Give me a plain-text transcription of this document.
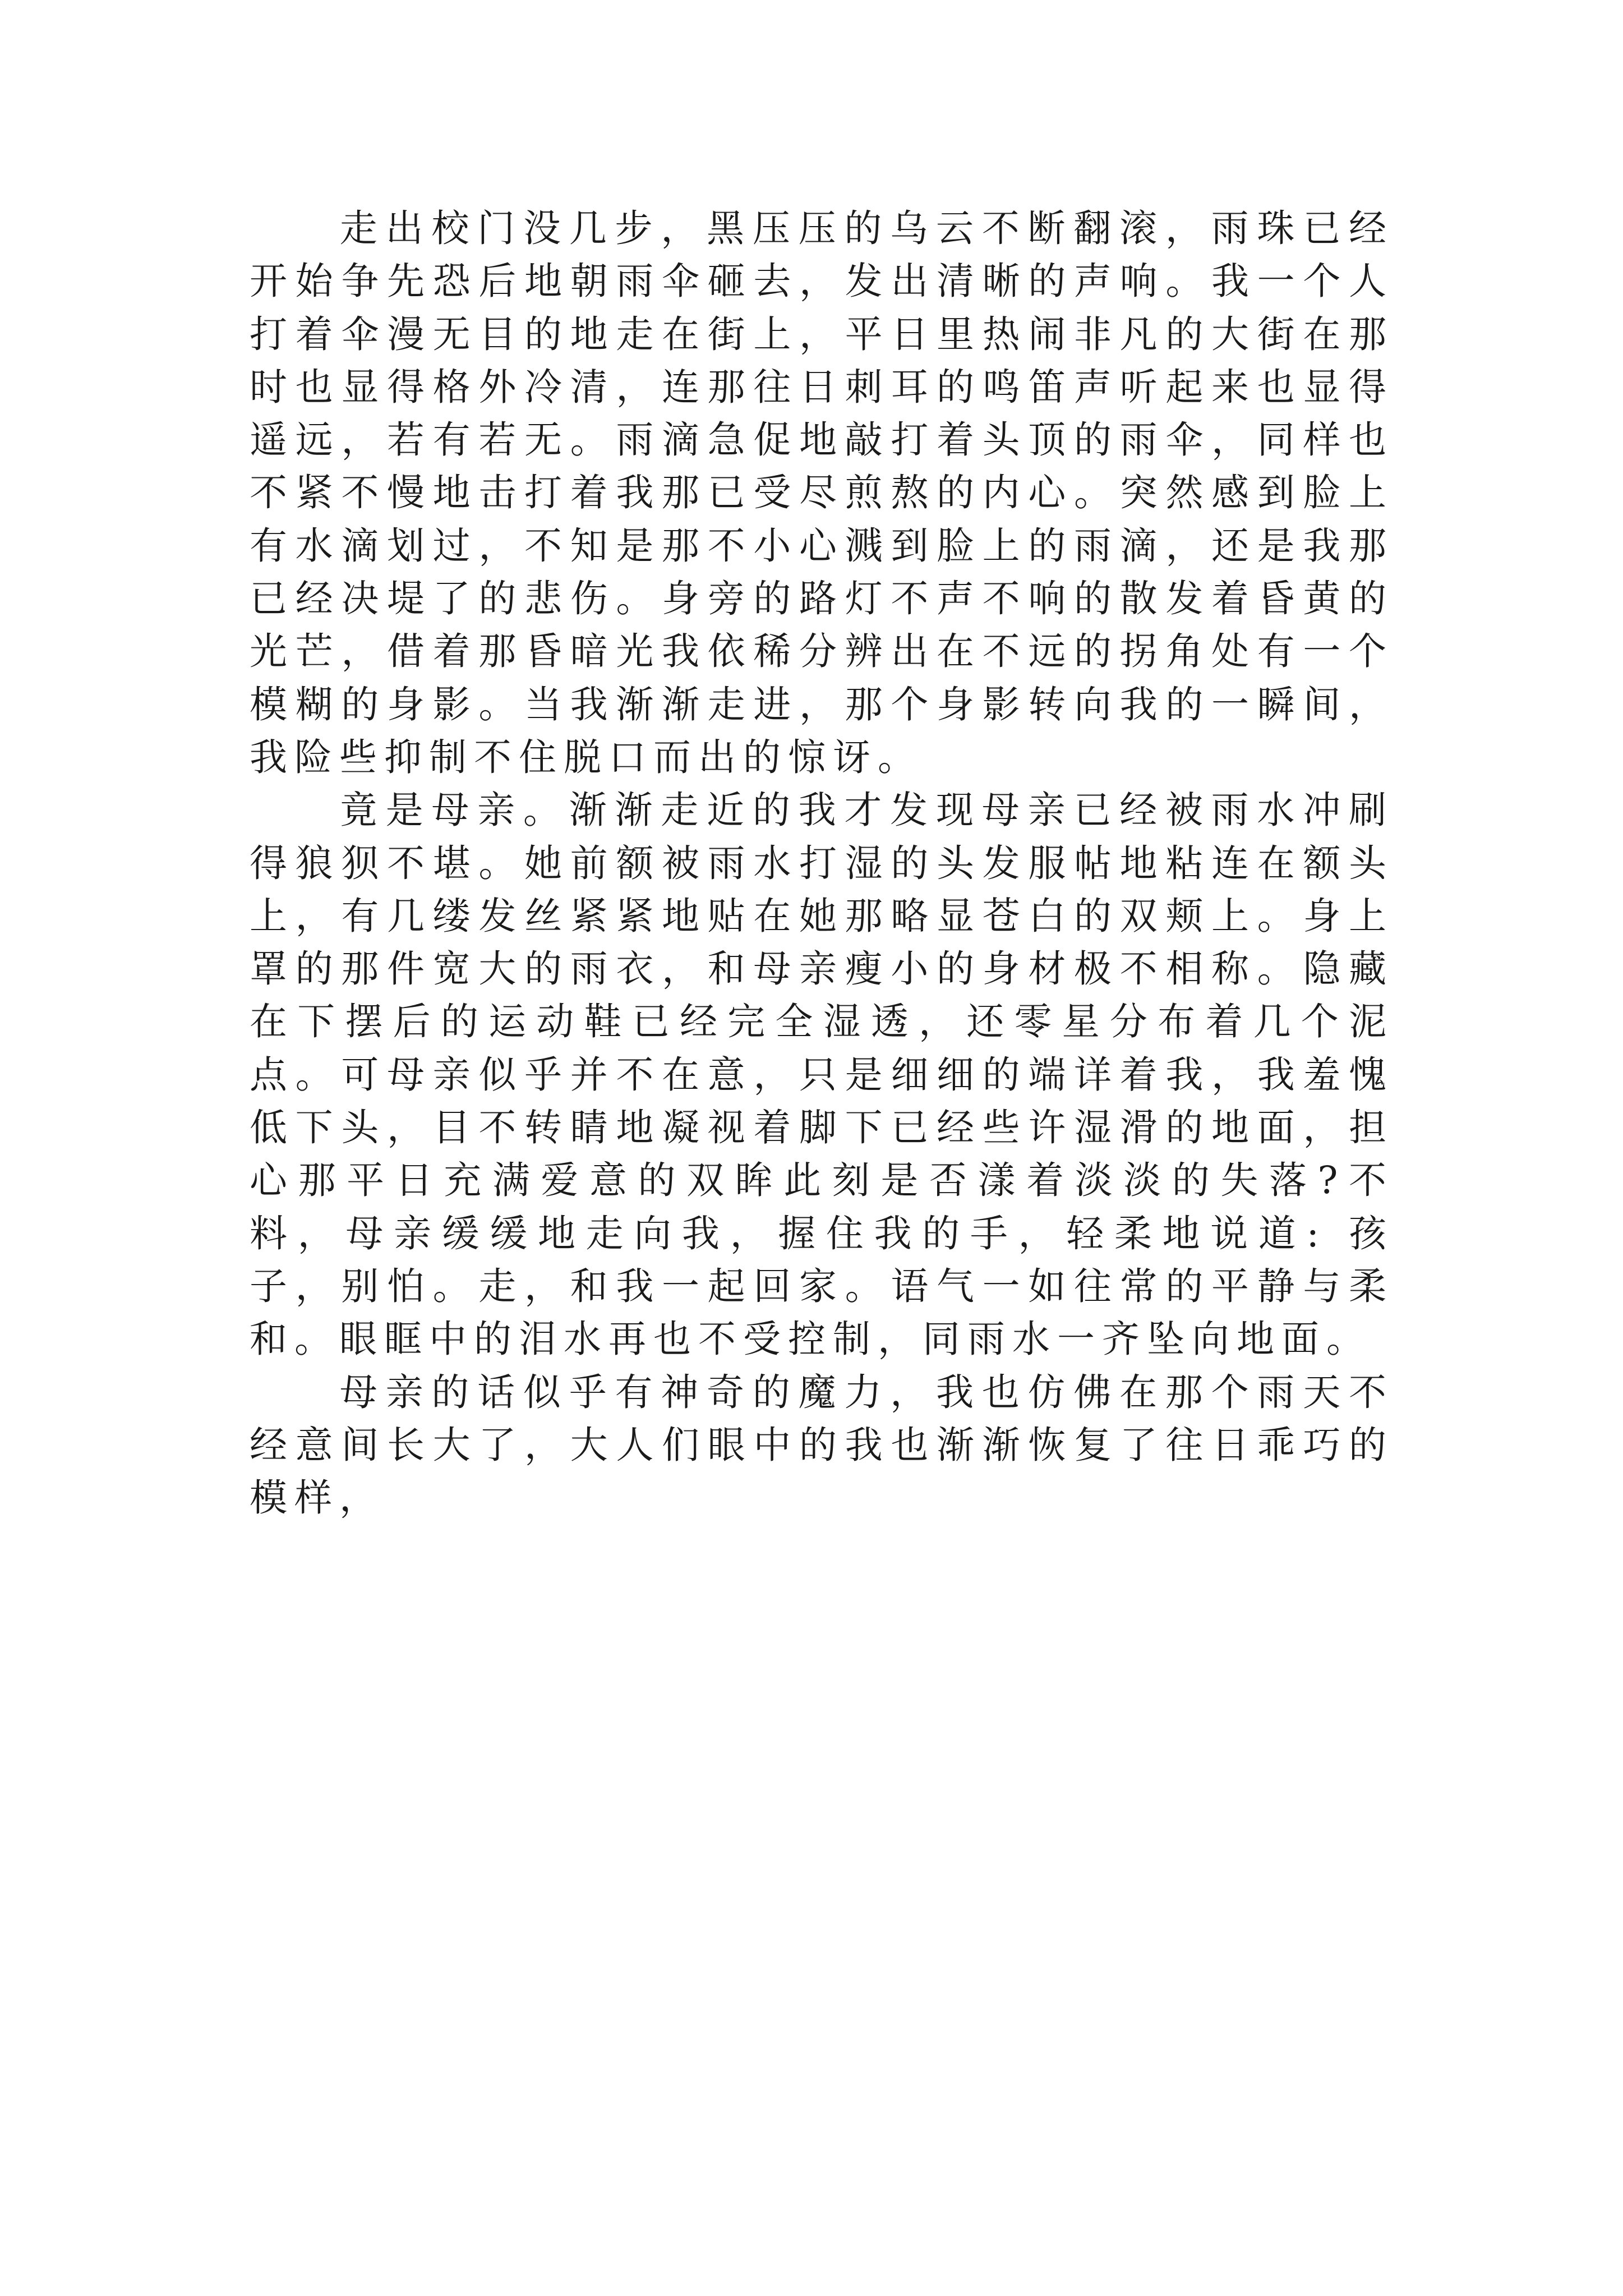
走出校门没几步，黑压压的乌云不断翻滚，雨珠已经开始争先恐后地朝雨伞砸去，发出清晰的声响。我一个人打着伞漫无目的地走在街上，平日里热闹非凡的大街在那时也显得格外冷清，连那往日刺耳的鸣笛声听起来也显得遥远，若有若无。雨滴急促地敲打着头顶的雨伞，同样也不紧不慢地击打着我那已受尽煎熬的内心。突然感到脸上有水滴划过，不知是那不小心溅到脸上的雨滴，还是我那已经决堤了的悲伤。身旁的路灯不声不响的散发着昏黄的光芒，借着那昏暗光我依稀分辨出在不远的拐角处有一个模糊的身影。当我渐渐走进，那个身影转向我的一瞬间，我险些抑制不住脱口而出的惊讶。

竟是母亲。渐渐走近的我才发现母亲已经被雨水冲刷得狼狈不堪。她前额被雨水打湿的头发服帖地粘连在额头上，有几缕发丝紧紧地贴在她那略显苍白的双颊上。身上罩的那件宽大的雨衣，和母亲瘦小的身材极不相称。隐藏在下摆后的运动鞋已经完全湿透，还零星分布着几个泥点。可母亲似乎并不在意，只是细细的端详着我，我羞愧低下头，目不转睛地凝视着脚下已经些许湿滑的地面，担心那平日充满爱意的双眸此刻是否漾着淡淡的失落?不料，母亲缓缓地走向我，握住我的手，轻柔地说道: 孩子，别怕。走，和我一起回家。语气一如往常的平静与柔和。眼眶中的泪水再也不受控制，同雨水一齐坠向地面。

母亲的话似乎有神奇的魔力，我也仿佛在那个雨天不经意间长大了，大人们眼中的我也渐渐恢复了往日乖巧的模样，
